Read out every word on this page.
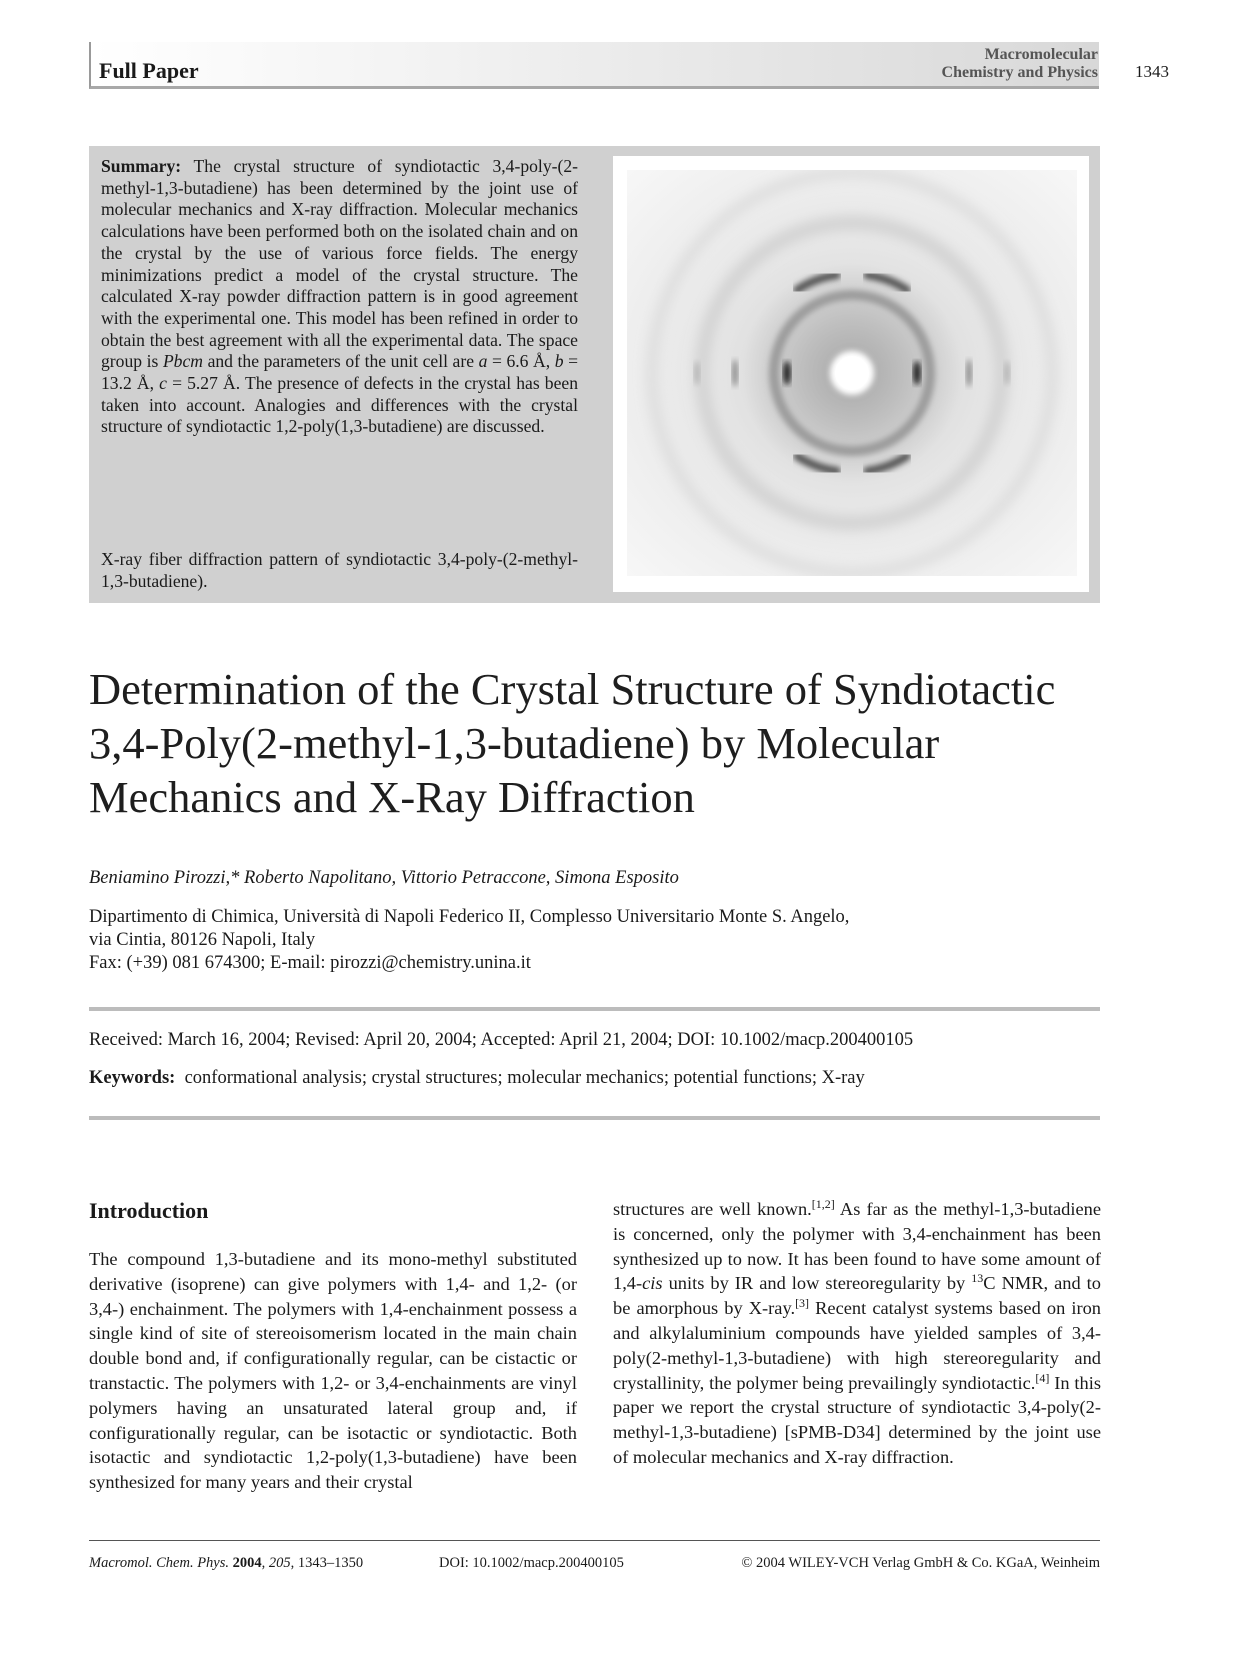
Full Paper
Macromolecular
Chemistry and Physics 1343
Summary: The crystal structure of syndiotactic 3,4-poly-(2-methyl-1,3-butadiene) has been determined by the joint use of molecular mechanics and X-ray diffraction. Molecular mechanics calculations have been performed both on the isolated chain and on the crystal by the use of various force fields. The energy minimizations predict a model of the crystal structure. The calculated X-ray powder diffraction pattern is in good agreement with the experimental one. This model has been refined in order to obtain the best agreement with all the experimental data. The space group is Pbcm and the parameters of the unit cell are a = 6.6 Å, b = 13.2 Å, c = 5.27 Å. The presence of defects in the crystal has been taken into account. Analogies and differences with the crystal structure of syndiotactic 1,2-poly(1,3-butadiene) are discussed.
X-ray fiber diffraction pattern of syndiotactic 3,4-poly-(2-methyl-1,3-butadiene).
Determination of the Crystal Structure of Syndiotactic 3,4-Poly(2-methyl-1,3-butadiene) by Molecular Mechanics and X-Ray Diffraction
Beniamino Pirozzi,* Roberto Napolitano, Vittorio Petraccone, Simona Esposito
Dipartimento di Chimica, Università di Napoli Federico II, Complesso Universitario Monte S. Angelo,
via Cintia, 80126 Napoli, Italy
Fax: (+39) 081 674300; E-mail: pirozzi@chemistry.unina.it
Received: March 16, 2004; Revised: April 20, 2004; Accepted: April 21, 2004; DOI: 10.1002/macp.200400105
Keywords: conformational analysis; crystal structures; molecular mechanics; potential functions; X-ray
Introduction
The compound 1,3-butadiene and its mono-methyl substituted derivative (isoprene) can give polymers with 1,4- and 1,2- (or 3,4-) enchainment. The polymers with 1,4-enchainment possess a single kind of site of stereoisomerism located in the main chain double bond and, if configurationally regular, can be cistactic or transtactic. The polymers with 1,2- or 3,4-enchainments are vinyl polymers having an unsaturated lateral group and, if configurationally regular, can be isotactic or syndiotactic. Both isotactic and syndiotactic 1,2-poly(1,3-butadiene) have been synthesized for many years and their crystal
structures are well known.[1,2] As far as the methyl-1,3-butadiene is concerned, only the polymer with 3,4-enchainment has been synthesized up to now. It has been found to have some amount of 1,4-cis units by IR and low stereoregularity by $^{13}$C NMR, and to be amorphous by X-ray.[3] Recent catalyst systems based on iron and alkylaluminium compounds have yielded samples of 3,4-poly(2-methyl-1,3-butadiene) with high stereoregularity and crystallinity, the polymer being prevailingly syndiotactic.[4] In this paper we report the crystal structure of syndiotactic 3,4-poly(2-methyl-1,3-butadiene) [sPMB-D34] determined by the joint use of molecular mechanics and X-ray diffraction.
Macromol. Chem. Phys. 2004, 205, 1343–1350	DOI: 10.1002/macp.200400105	© 2004 WILEY-VCH Verlag GmbH & Co. KGaA, Weinheim
